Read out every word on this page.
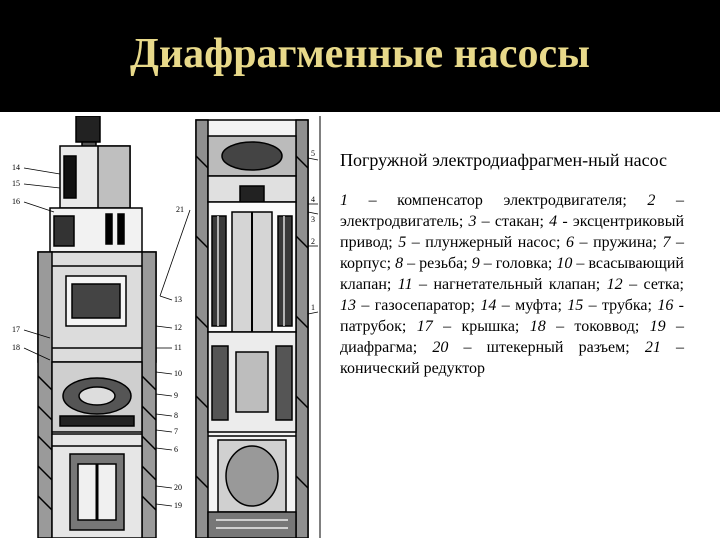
Диафрагменные насосы
14
15
16
17
18
21
13
12
11
10
9
8
7
6
20
19
5
4
3
2
1

Погружной электродиафрагмен-ный насос

1 – компенсатор электродвигателя; 2 – электродвигатель; 3 – стакан; 4 - эксцентриковый привод; 5 – плунжерный насос; 6 – пружина; 7 – корпус; 8 – резьба; 9 – головка; 10 – всасывающий клапан; 11 – нагнетательный клапан; 12 – сетка; 13 – газосепаратор; 14 – муфта; 15 – трубка; 16 - патрубок; 17 – крышка; 18 – токоввод; 19 – диафрагма; 20 – штекерный разъем; 21 – конический редуктор
